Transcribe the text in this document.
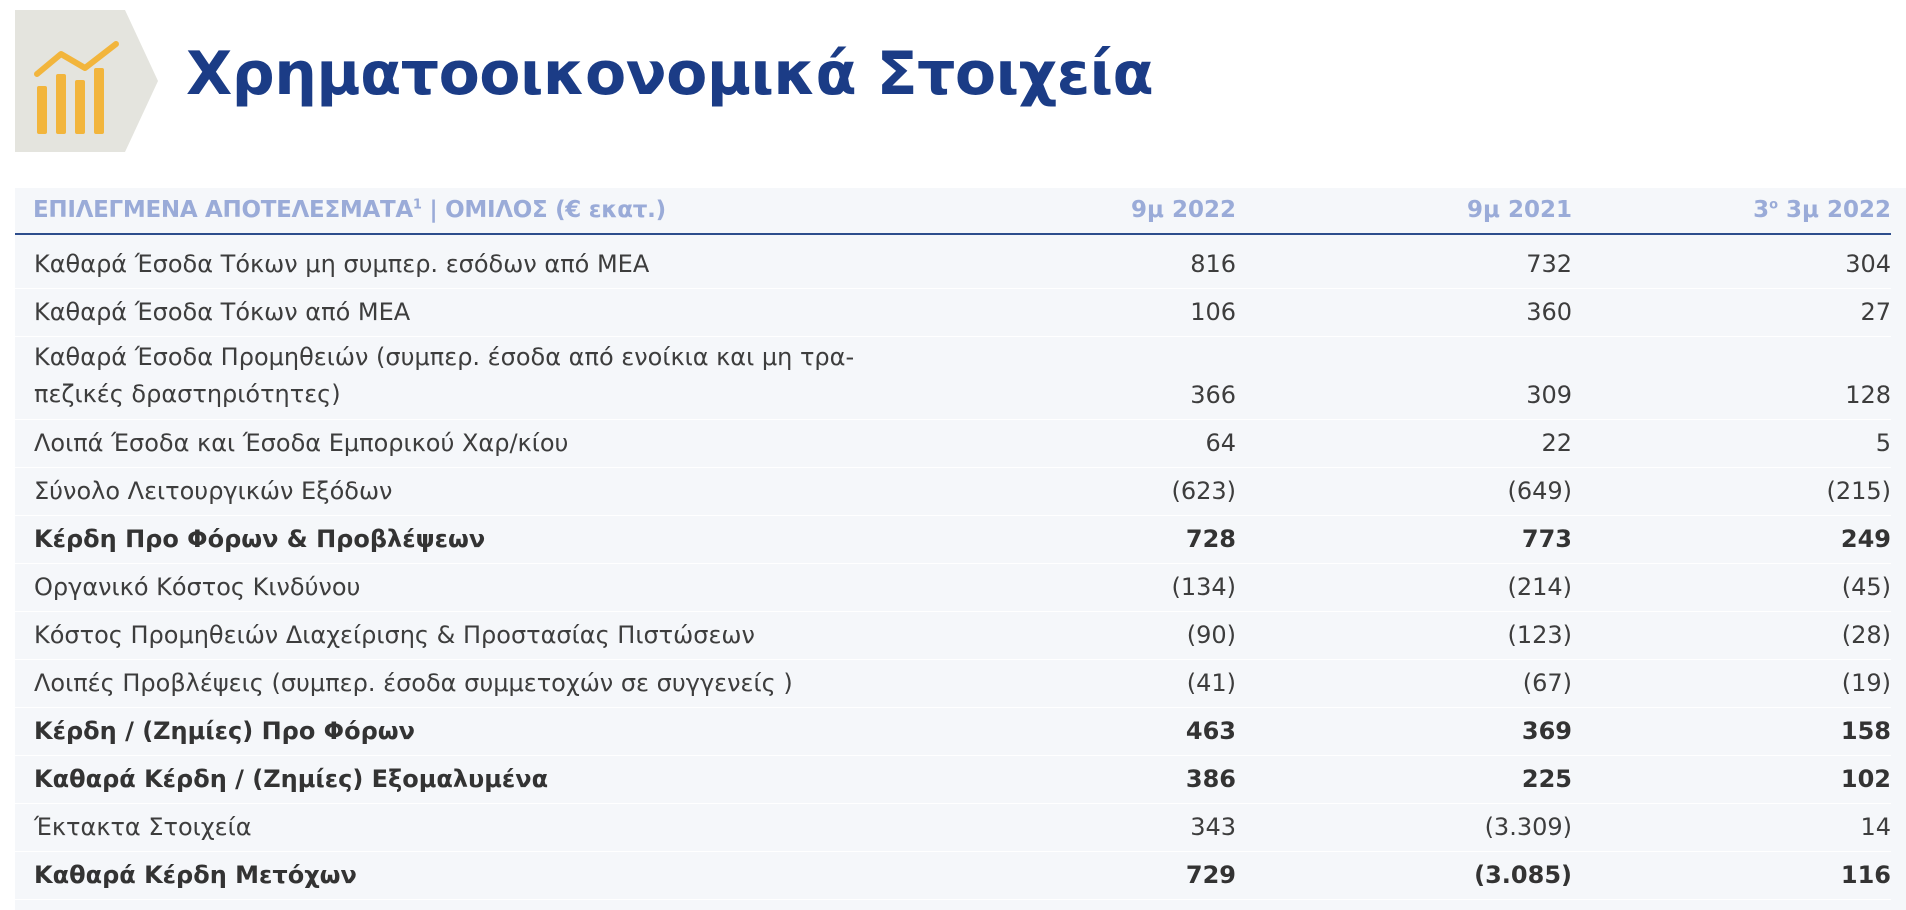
Χρηματοοικονομικά Στοιχεία
ΕΠΙΛΕΓΜΕΝΑ ΑΠΟΤΕΛΕΣΜΑΤΑ$^1$ | ΟΜΙΛΟΣ (€ εκατ.)	9μ 2022	9μ 2021	$3^o$ 3μ 2022
Καθαρά Έσοδα Τόκων μη συμπερ. εσόδων από ΜΕΑ	816	732	304
Καθαρά Έσοδα Τόκων από ΜΕΑ	106	360	27
Καθαρά Έσοδα Προμηθειών (συμπερ. έσοδα από ενοίκια και μη τρα-
πεζικές δραστηριότητες)	366	309	128
Λοιπά Έσοδα και Έσοδα Εμπορικού Χαρ/κίου	64	22	5
Σύνολο Λειτουργικών Εξόδων	(623)	(649)	(215)
Κέρδη Προ Φόρων & Προβλέψεων	728	773	249
Οργανικό Κόστος Κινδύνου	(134)	(214)	(45)
Κόστος Προμηθειών Διαχείρισης & Προστασίας Πιστώσεων	(90)	(123)	(28)
Λοιπές Προβλέψεις (συμπερ. έσοδα συμμετοχών σε συγγενείς )	(41)	(67)	(19)
Κέρδη / (Ζημίες) Προ Φόρων	463	369	158
Καθαρά Κέρδη / (Ζημίες) Εξομαλυμένα	386	225	102
Έκτακτα Στοιχεία	343	(3.309)	14
Καθαρά Κέρδη Μετόχων	729	(3.085)	116
